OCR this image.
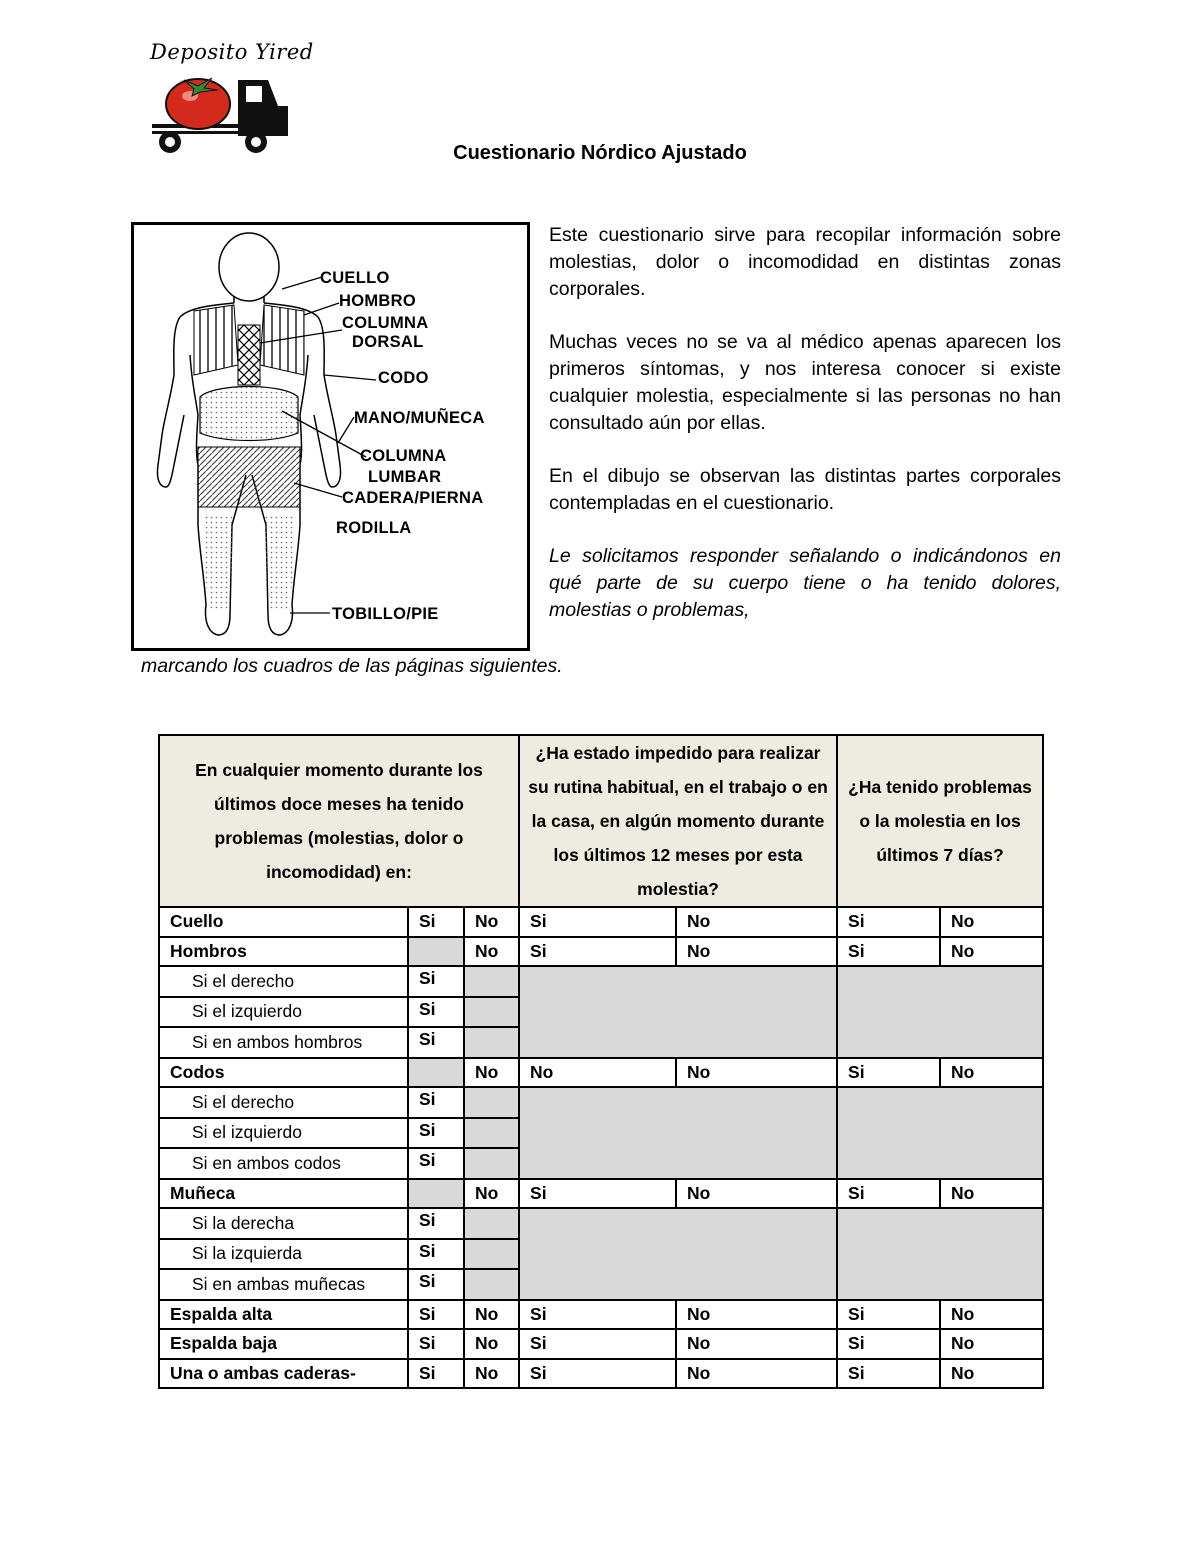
Deposito Yired
Cuestionario Nórdico Ajustado
CUELLO
HOMBRO
COLUMNA
DORSAL
CODO
MANO/MUÑECA
COLUMNA
LUMBAR
CADERA/PIERNA
RODILLA
TOBILLO/PIE

Este cuestionario sirve para recopilar información sobre molestias, dolor o incomodidad en distintas zonas corporales.

Muchas veces no se va al médico apenas aparecen los primeros síntomas, y nos interesa conocer si existe cualquier molestia, especialmente si las personas no han consultado aún por ellas.

En el dibujo se observan las distintas partes corporales contempladas en el cuestionario.

Le solicitamos responder señalando o indicándonos en qué parte de su cuerpo tiene o ha tenido dolores, molestias o problemas,

marcando los cuadros de las páginas siguientes.
En cualquier momento durante los últimos doce meses ha tenido problemas (molestias, dolor o incomodidad) en:			¿Ha estado impedido para realizar su rutina habitual, en el trabajo o en la casa, en algún momento durante los últimos 12 meses por esta molestia?		¿Ha tenido problemas o la molestia en los últimos 7 días?	
Cuello	Si	No	Si	No	Si	No
Hombros		No	Si	No	Si	No
Si el derecho	Si					
Si el izquierdo	Si					
Si en ambos hombros	Si					
Codos		No	No	No	Si	No
Si el derecho	Si					
Si el izquierdo	Si					
Si en ambos codos	Si					
Muñeca		No	Si	No	Si	No
Si la derecha	Si					
Si la izquierda	Si					
Si en ambas muñecas	Si					
Espalda alta	Si	No	Si	No	Si	No
Espalda baja	Si	No	Si	No	Si	No
Una o ambas caderas-	Si	No	Si	No	Si	No
